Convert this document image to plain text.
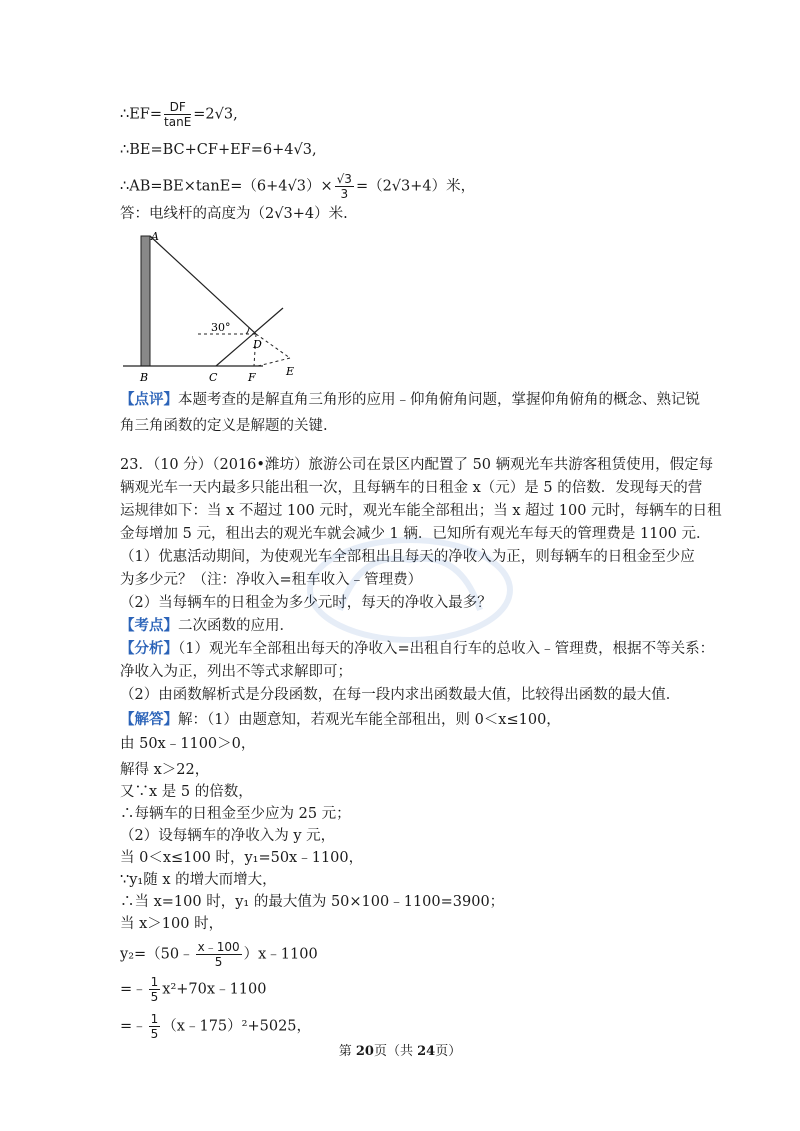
∴EF= $\frac{DF}{\tan E} =2√3$,
∴BE=BC+CF+EF=6+4√3,
∴AB=BE×tanE=（6+4√3）× $\frac{√3}{3} =(2√3+4)$米，
答：电线杆的高度为（2√3+4）米.
A
B	C
D
E
F
30°
【点评】本题考查的是解直角三角形的应用﹣仰角俯角问题，掌握仰角俯角的概念、熟记锐
角三角函数的定义是解题的关键.
23．（10 分）（2016•潍坊）旅游公司在景区内配置了 50 辆观光车共游客租赁使用，假定每
辆观光车一天内最多只能出租一次，且每辆车的日租金 x（元）是 5 的倍数．发现每天的营
运规律如下：当 x 不超过 100 元时，观光车能全部租出；当 x 超过 100 元时，每辆车的日租
金每增加 5 元，租出去的观光车就会减少 1 辆．已知所有观光车每天的管理费是 1100 元．
（1）优惠活动期间，为使观光车全部租出且每天的净收入为正，则每辆车的日租金至少应
为多少元？（注：净收入=租车收入﹣管理费）
（2）当每辆车的日租金为多少元时，每天的净收入最多？
【考点】二次函数的应用．
【分析】（1）观光车全部租出每天的净收入=出租自行车的总收入﹣管理费，根据不等关系：
净收入为正，列出不等式求解即可；
（2）由函数解析式是分段函数，在每一段内求出函数最大值，比较得出函数的最大值．
【解答】解：（1）由题意知，若观光车能全部租出，则 0＜x≤100，
由 50x﹣1100＞0，
解得 x＞22，
又∵x 是 5 的倍数，
∴每辆车的日租金至少应为 25 元；
（2）设每辆车的净收入为 y 元，
当 0＜x≤100 时，y₁=50x﹣1100，
∵y₁随 x 的增大而增大，
∴当 x=100 时，y₁ 的最大值为 50×100﹣1100=3900；
当 x＞100 时，
y₂=（50﹣ $\frac{x﹣100}{5}$ ）x﹣1100
第 20页（共 24页）
=﹣ $\frac{1}{5}$ x²+70x﹣1100
=﹣ $\frac{1}{5}$ （x﹣175）²+5025，
